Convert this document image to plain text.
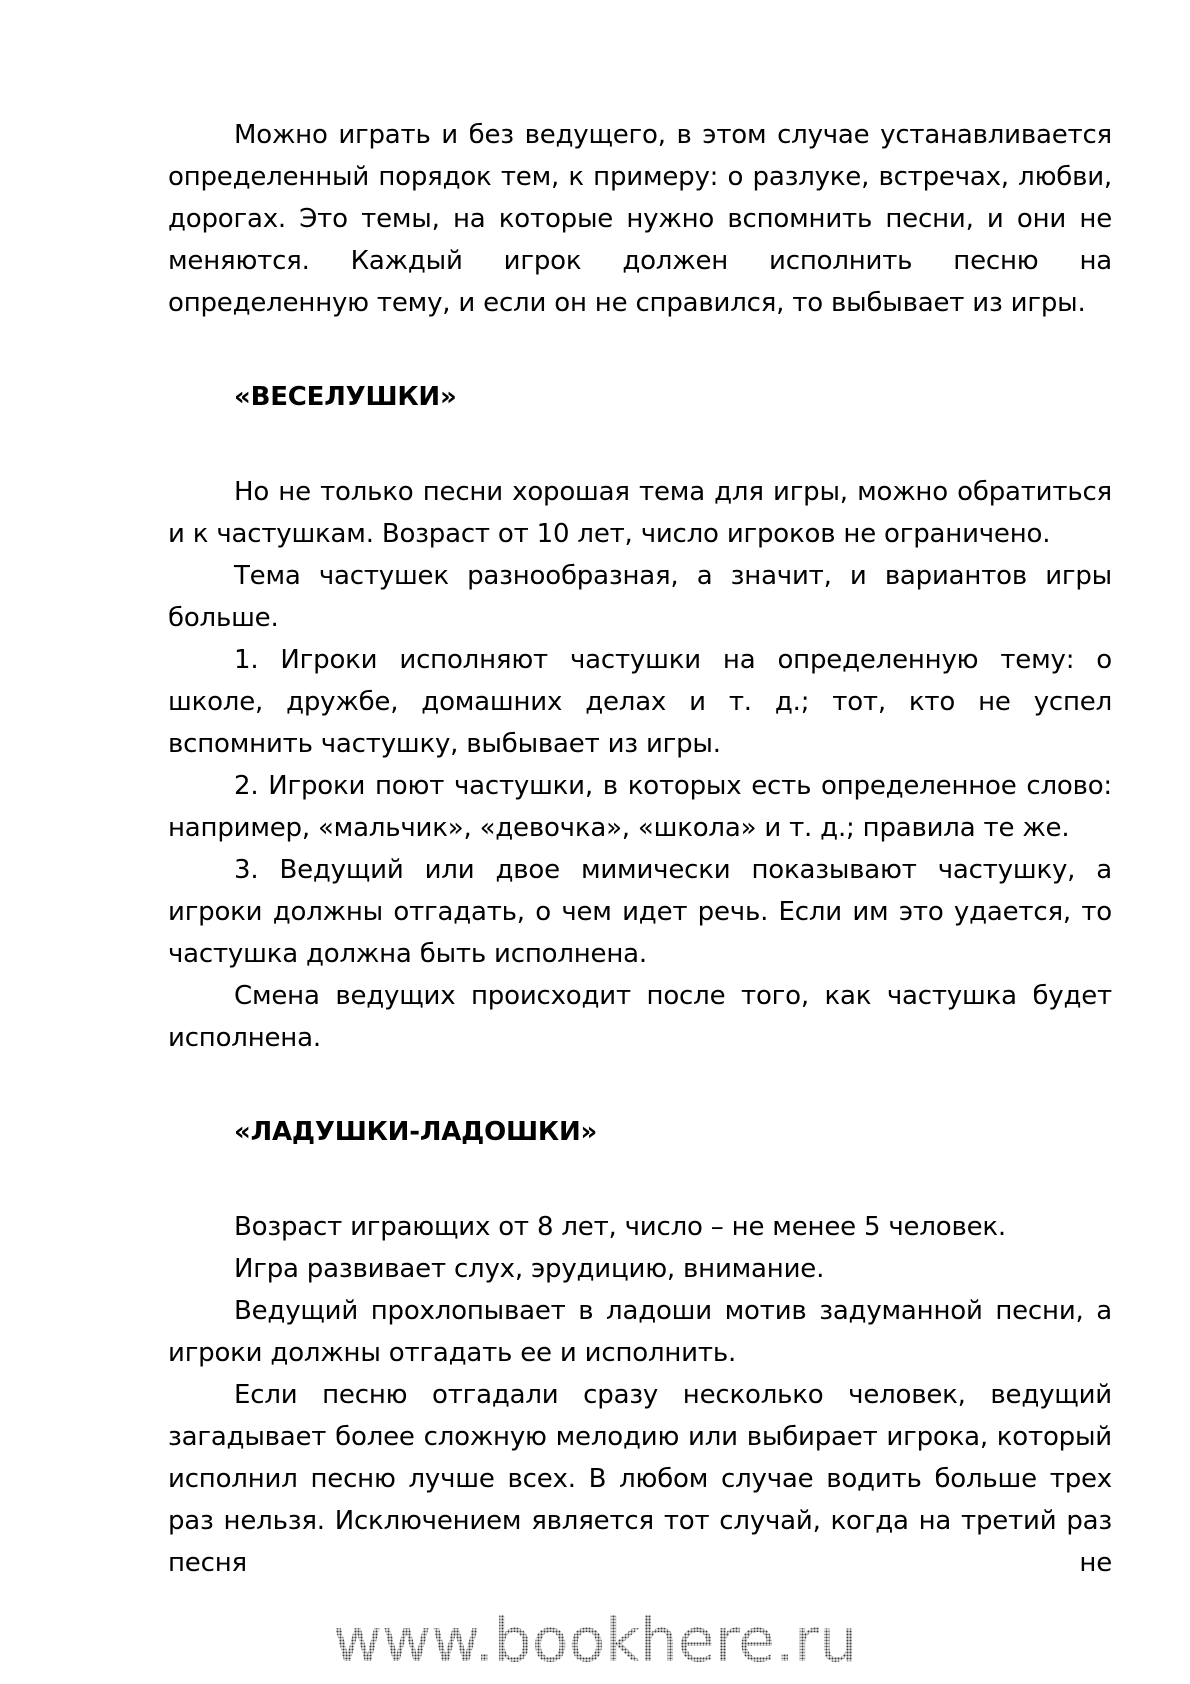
Можно играть и без ведущего, в этом случае устанавливается определенный порядок тем, к примеру: о разлуке, встречах, любви, дорогах. Это темы, на которые нужно вспомнить песни, и они не меняются. Каждый игрок должен исполнить песню на определенную тему, и если он не справился, то выбывает из игры.

«ВЕСЕЛУШКИ»

Но не только песни хорошая тема для игры, можно обратиться и к частушкам. Возраст от 10 лет, число игроков не ограничено.

Тема частушек разнообразная, а значит, и вариантов игры больше.

1. Игроки исполняют частушки на определенную тему: о школе, дружбе, домашних делах и т. д.; тот, кто не успел вспомнить частушку, выбывает из игры.

2. Игроки поют частушки, в которых есть определенное слово: например, «мальчик», «девочка», «школа» и т. д.; правила те же.

3. Ведущий или двое мимически показывают частушку, а игроки должны отгадать, о чем идет речь. Если им это удается, то частушка должна быть исполнена.

Смена ведущих происходит после того, как частушка будет исполнена.

«ЛАДУШКИ-ЛАДОШКИ»

Возраст играющих от 8 лет, число – не менее 5 человек.

Игра развивает слух, эрудицию, внимание.

Ведущий прохлопывает в ладоши мотив задуманной песни, а игроки должны отгадать ее и исполнить.

Если песню отгадали сразу несколько человек, ведущий загадывает более сложную мелодию или выбирает игрока, который исполнил песню лучше всех. В любом случае водить больше трех раз нельзя. Исключением является тот случай, когда на третий раз песня не

www.bookhere.ru
